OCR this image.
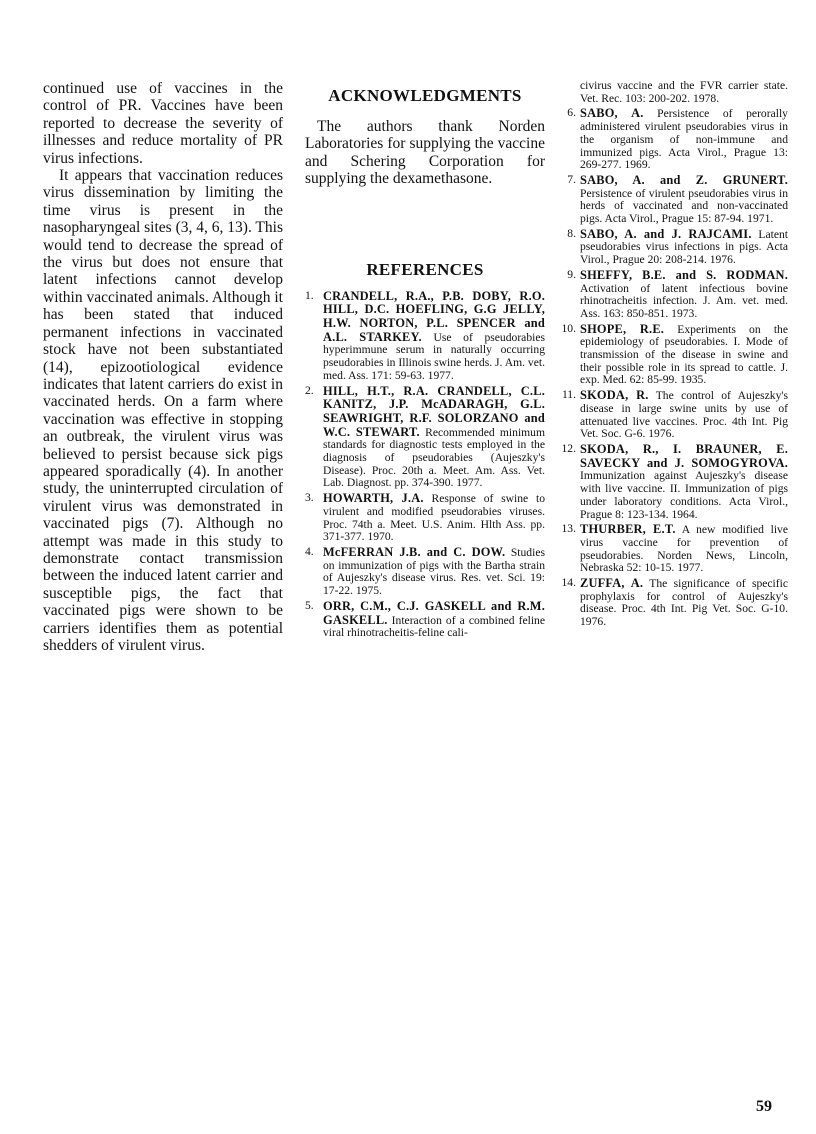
continued use of vaccines in the control of PR. Vaccines have been reported to decrease the severity of illnesses and reduce mortality of PR virus infections.

It appears that vaccination reduces virus dissemination by limiting the time virus is present in the nasopharyngeal sites (3, 4, 6, 13). This would tend to decrease the spread of the virus but does not ensure that latent infections cannot develop within vaccinated animals. Although it has been stated that induced permanent infections in vaccinated stock have not been substantiated (14), epizootiological evidence indicates that latent carriers do exist in vaccinated herds. On a farm where vaccination was effective in stopping an outbreak, the virulent virus was believed to persist because sick pigs appeared sporadically (4). In another study, the uninterrupted circulation of virulent virus was demonstrated in vaccinated pigs (7). Although no attempt was made in this study to demonstrate contact transmission between the induced latent carrier and susceptible pigs, the fact that vaccinated pigs were shown to be carriers identifies them as potential shedders of virulent virus.

ACKNOWLEDGMENTS

The authors thank Norden Laboratories for supplying the vaccine and Schering Corporation for supplying the dexamethasone.

REFERENCES
1. CRANDELL, R.A., P.B. DOBY, R.O. HILL, D.C. HOEFLING, G.G JELLY, H.W. NORTON, P.L. SPENCER and A.L. STARKEY. Use of pseudorabies hyperimmune serum in naturally occurring pseudorabies in Illinois swine herds. J. Am. vet. med. Ass. 171: 59-63. 1977.
2. HILL, H.T., R.A. CRANDELL, C.L. KANITZ, J.P. McADARAGH, G.L. SEAWRIGHT, R.F. SOLORZANO and W.C. STEWART. Recommended minimum standards for diagnostic tests employed in the diagnosis of pseudorabies (Aujeszky's Disease). Proc. 20th a. Meet. Am. Ass. Vet. Lab. Diagnost. pp. 374-390. 1977.
3. HOWARTH, J.A. Response of swine to virulent and modified pseudorabies viruses. Proc. 74th a. Meet. U.S. Anim. Hlth Ass. pp. 371-377. 1970.
4. McFERRAN J.B. and C. DOW. Studies on immunization of pigs with the Bartha strain of Aujeszky's disease virus. Res. vet. Sci. 19: 17-22. 1975.
5. ORR, C.M., C.J. GASKELL and R.M. GASKELL. Interaction of a combined feline viral rhinotracheitis-feline cali-

civirus vaccine and the FVR carrier state. Vet. Rec. 103: 200-202. 1978.

6. SABO, A. Persistence of perorally administered virulent pseudorabies virus in the organism of non-immune and immunized pigs. Acta Virol., Prague 13: 269-277. 1969.
7. SABO, A. and Z. GRUNERT. Persistence of virulent pseudorabies virus in herds of vaccinated and non-vaccinated pigs. Acta Virol., Prague 15: 87-94. 1971.
8. SABO, A. and J. RAJCAMI. Latent pseudorabies virus infections in pigs. Acta Virol., Prague 20: 208-214. 1976.
9. SHEFFY, B.E. and S. RODMAN. Activation of latent infectious bovine rhinotracheitis infection. J. Am. vet. med. Ass. 163: 850-851. 1973.
10. SHOPE, R.E. Experiments on the epidemiology of pseudorabies. I. Mode of transmission of the disease in swine and their possible role in its spread to cattle. J. exp. Med. 62: 85-99. 1935.
11. SKODA, R. The control of Aujeszky's disease in large swine units by use of attenuated live vaccines. Proc. 4th Int. Pig Vet. Soc. G-6. 1976.
12. SKODA, R., I. BRAUNER, E. SAVECKY and J. SOMOGYROVA. Immunization against Aujeszky's disease with live vaccine. II. Immunization of pigs under laboratory conditions. Acta Virol., Prague 8: 123-134. 1964.
13. THURBER, E.T. A new modified live virus vaccine for prevention of pseudorabies. Norden News, Lincoln, Nebraska 52: 10-15. 1977.
14. ZUFFA, A. The significance of specific prophylaxis for control of Aujeszky's disease. Proc. 4th Int. Pig Vet. Soc. G-10. 1976.
59
